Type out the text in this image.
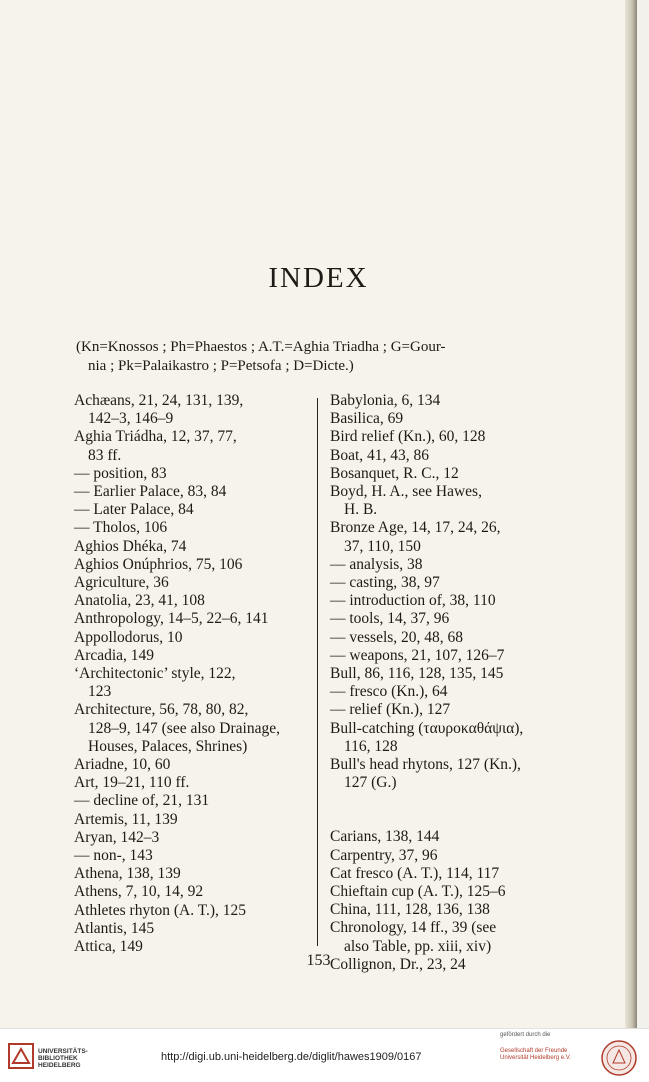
INDEX
(Kn=Knossos ; Ph=Phaestos ; A.T.=Aghia Triadha ; G=Gour-
nia ; Pk=Palaikastro ; P=Petsofa ; D=Dicte.)
Achæans, 21, 24, 131, 139,
142–3, 146–9
Aghia Triádha, 12, 37, 77,
83 ff.
— position, 83
— Earlier Palace, 83, 84
— Later Palace, 84
— Tholos, 106
Aghios Dhéka, 74
Aghios Onúphrios, 75, 106
Agriculture, 36
Anatolia, 23, 41, 108
Anthropology, 14–5, 22–6, 141
Appollodorus, 10
Arcadia, 149
‘Architectonic’ style, 122,
123
Architecture, 56, 78, 80, 82,
128–9, 147 (see also Drainage,
Houses, Palaces, Shrines)
Ariadne, 10, 60
Art, 19–21, 110 ff.
— decline of, 21, 131
Artemis, 11, 139
Aryan, 142–3
— non-, 143
Athena, 138, 139
Athens, 7, 10, 14, 92
Athletes rhyton (A. T.), 125
Atlantis, 145
Attica, 149
Babylonia, 6, 134
Basilica, 69
Bird relief (Kn.), 60, 128
Boat, 41, 43, 86
Bosanquet, R. C., 12
Boyd, H. A., see Hawes,
H. B.
Bronze Age, 14, 17, 24, 26,
37, 110, 150
— analysis, 38
— casting, 38, 97
— introduction of, 38, 110
— tools, 14, 37, 96
— vessels, 20, 48, 68
— weapons, 21, 107, 126–7
Bull, 86, 116, 128, 135, 145
— fresco (Kn.), 64
— relief (Kn.), 127
Bull-catching (ταυροκαθάψια),
116, 128
Bull's head rhytons, 127 (Kn.),
127 (G.)
Carians, 138, 144
Carpentry, 37, 96
Cat fresco (A. T.), 114, 117
Chieftain cup (A. T.), 125–6
China, 111, 128, 136, 138
Chronology, 14 ff., 39 (see
also Table, pp. xiii, xiv)
Collignon, Dr., 23, 24
153
UNIVERSITÄTS-
BIBLIOTHEK
HEIDELBERG
http://digi.ub.uni-heidelberg.de/diglit/hawes1909/0167
gefördert durch die
Gesellschaft der Freunde
Universität Heidelberg e.V.
